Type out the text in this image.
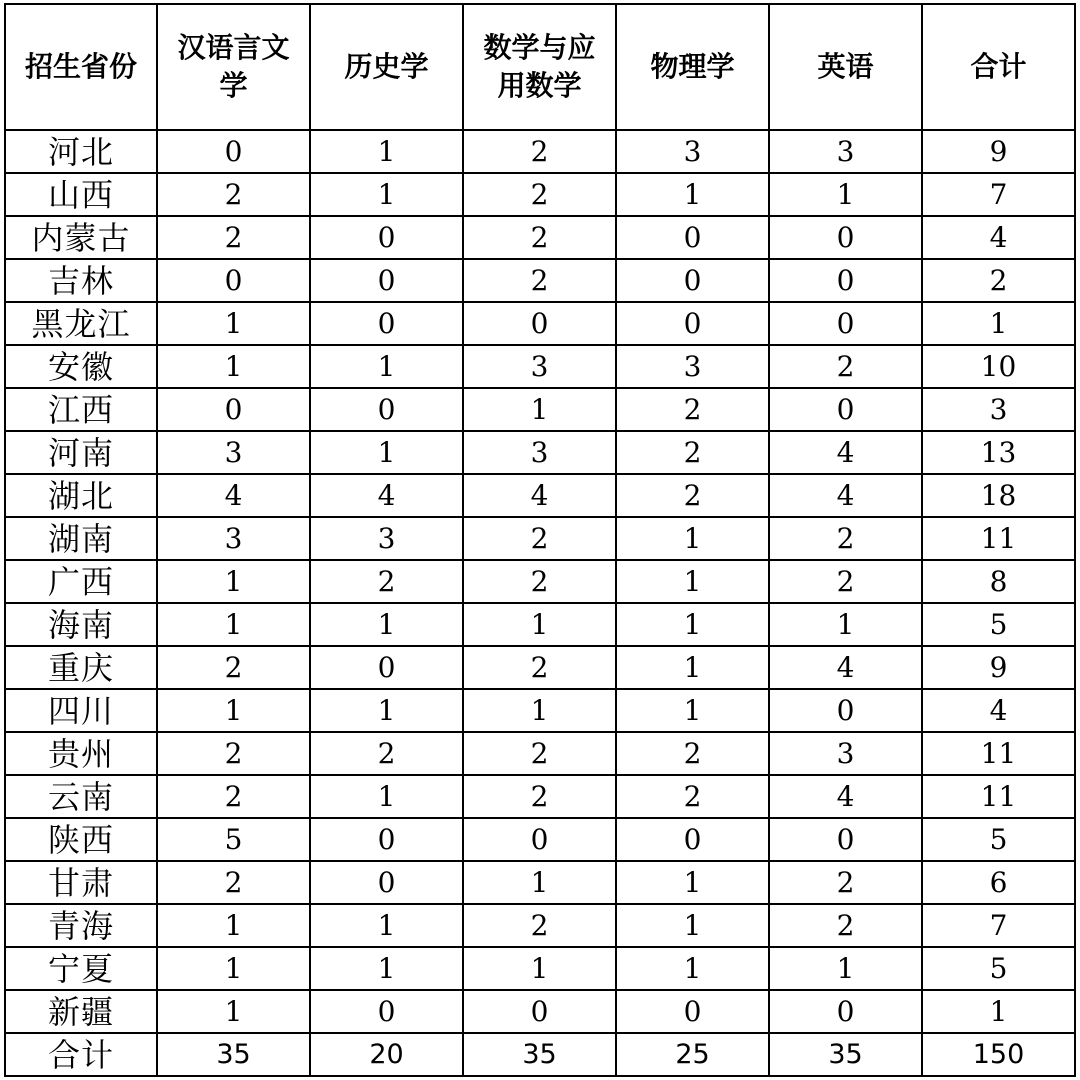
招生省份	汉语言文学	历史学	数学与应用数学	物理学	英语	合计
河北	0	1	2	3	3	9
山西	2	1	2	1	1	7
内蒙古	2	0	2	0	0	4
吉林	0	0	2	0	0	2
黑龙江	1	0	0	0	0	1
安徽	1	1	3	3	2	10
江西	0	0	1	2	0	3
河南	3	1	3	2	4	13
湖北	4	4	4	2	4	18
湖南	3	3	2	1	2	11
广西	1	2	2	1	2	8
海南	1	1	1	1	1	5
重庆	2	0	2	1	4	9
四川	1	1	1	1	0	4
贵州	2	2	2	2	3	11
云南	2	1	2	2	4	11
陕西	5	0	0	0	0	5
甘肃	2	0	1	1	2	6
青海	1	1	2	1	2	7
宁夏	1	1	1	1	1	5
新疆	1	0	0	0	0	1
合计	35	20	35	25	35	150
